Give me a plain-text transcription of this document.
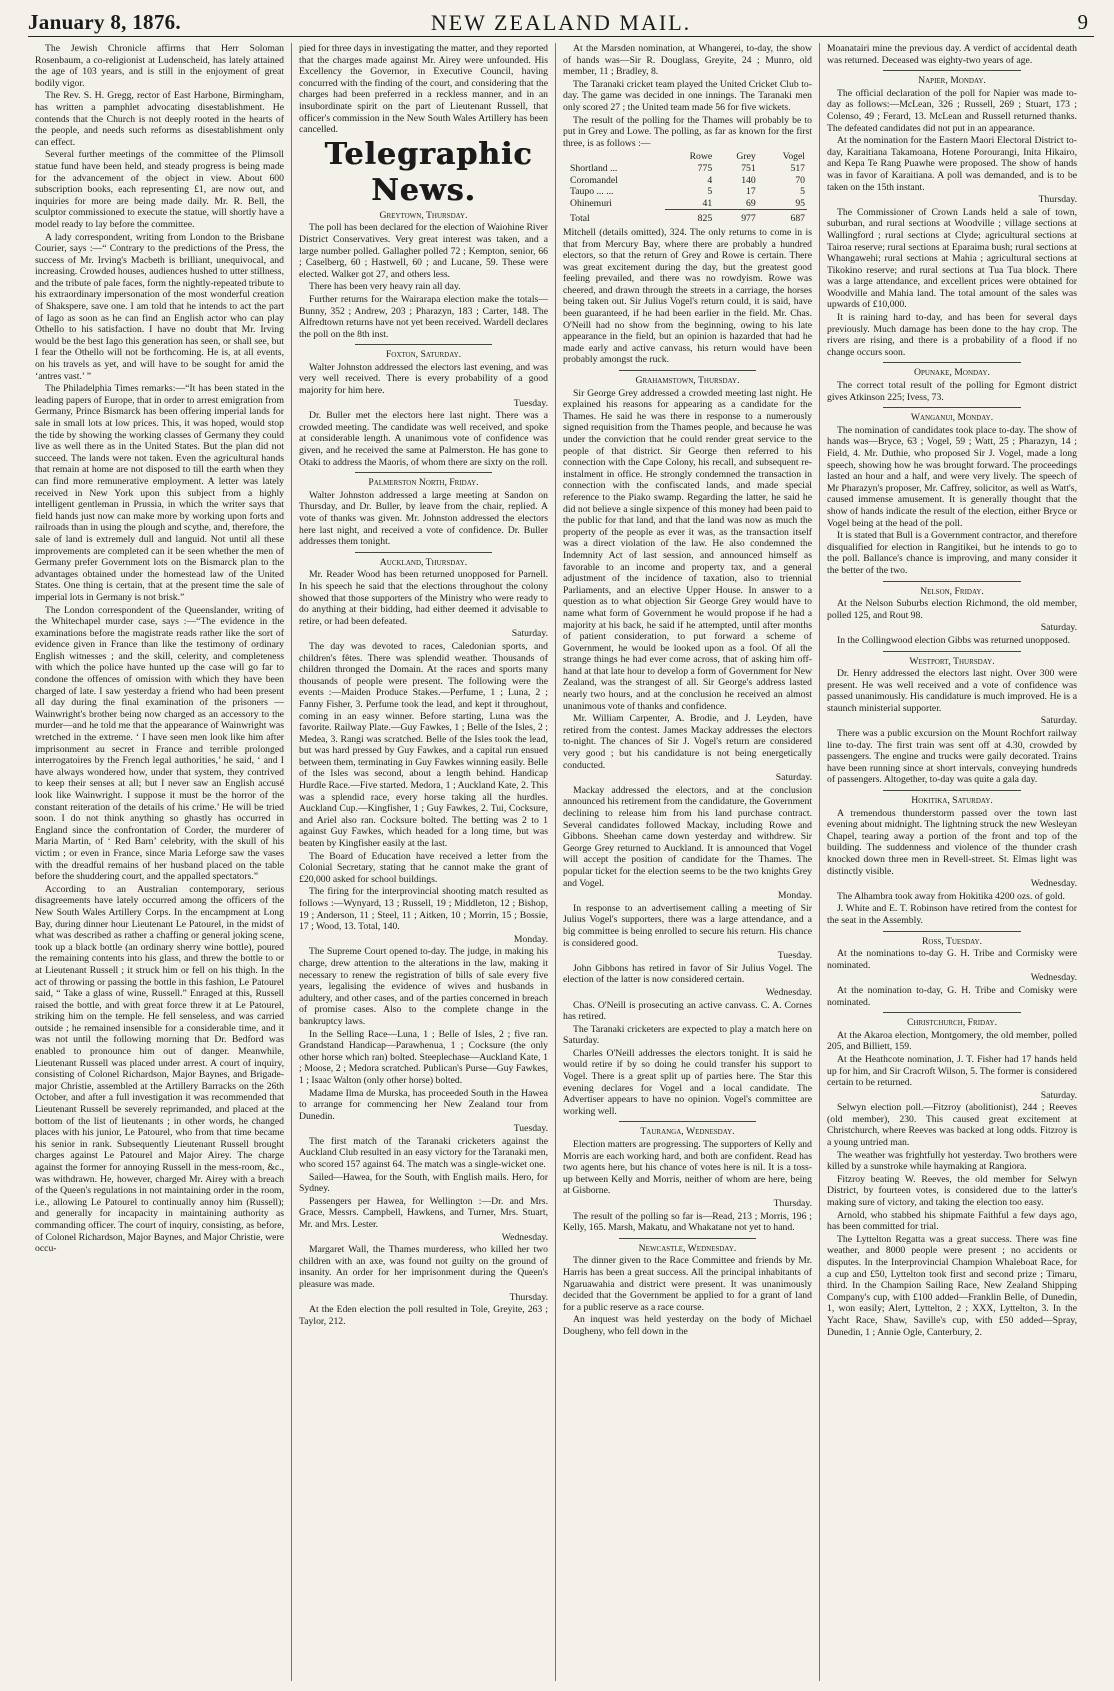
January 8, 1876.	NEW ZEALAND MAIL.	9

The Jewish Chronicle affirms that Herr Soloman Rosenbaum, a co-religionist at Ludenscheid, has lately attained the age of 103 years, and is still in the enjoyment of great bodily vigor.

The Rev. S. H. Gregg, rector of East Harbone, Birmingham, has written a pamphlet advocating disestablishment. He contends that the Church is not deeply rooted in the hearts of the people, and needs such reforms as disestablishment only can effect.

Several further meetings of the committee of the Plimsoll statue fund have been held, and steady progress is being made for the advancement of the object in view. About 600 subscription books, each representing £1, are now out, and inquiries for more are being made daily. Mr. R. Bell, the sculptor commissioned to execute the statue, will shortly have a model ready to lay before the committee.

A lady correspondent, writing from London to the Brisbane Courier, says :—“ Contrary to the predictions of the Press, the success of Mr. Irving's Macbeth is brilliant, unequivocal, and increasing. Crowded houses, audiences hushed to utter stillness, and the tribute of pale faces, form the nightly-repeated tribute to his extraordinary impersonation of the most wonderful creation of Shakspere, save one. I am told that he intends to act the part of Iago as soon as he can find an English actor who can play Othello to his satisfaction. I have no doubt that Mr. Irving would be the best Iago this generation has seen, or shall see, but I fear the Othello will not be forthcoming. He is, at all events, on his travels as yet, and will have to be sought for amid the ‘antres vast.’ ”

The Philadelphia Times remarks:—“It has been stated in the leading papers of Europe, that in order to arrest emigration from Germany, Prince Bismarck has been offering imperial lands for sale in small lots at low prices. This, it was hoped, would stop the tide by showing the working classes of Germany they could live as well there as in the United States. But the plan did not succeed. The lands were not taken. Even the agricultural hands that remain at home are not disposed to till the earth when they can find more remunerative employment. A letter was lately received in New York upon this subject from a highly intelligent gentleman in Prussia, in which the writer says that field hands just now can make more by working upon forts and railroads than in using the plough and scythe, and, therefore, the sale of land is extremely dull and languid. Not until all these improvements are completed can it be seen whether the men of Germany prefer Government lots on the Bismarck plan to the advantages obtained under the homestead law of the United States. One thing is certain, that at the present time the sale of imperial lots in Germany is not brisk.”

The London correspondent of the Queenslander, writing of the Whitechapel murder case, says :—“The evidence in the examinations before the magistrate reads rather like the sort of evidence given in France than like the testimony of ordinary English witnesses ; and the skill, celerity, and completeness with which the police have hunted up the case will go far to condone the offences of omission with which they have been charged of late. I saw yesterday a friend who had been present all day during the final examination of the prisoners — Wainwright's brother being now charged as an accessory to the murder—and he told me that the appearance of Wainwright was wretched in the extreme. ‘ I have seen men look like him after imprisonment au secret in France and terrible prolonged interrogatoires by the French legal authorities,’ he said, ‘ and I have always wondered how, under that system, they contrived to keep their senses at all; but I never saw an English accusé look like Wainwright. I suppose it must be the horror of the constant reiteration of the details of his crime.’ He will be tried soon. I do not think anything so ghastly has occurred in England since the confrontation of Corder, the murderer of Maria Martin, of ‘ Red Barn’ celebrity, with the skull of his victim ; or even in France, since Maria Leforge saw the vases with the dreadful remains of her husband placed on the table before the shuddering court, and the appalled spectators.”

According to an Australian contemporary, serious disagreements have lately occurred among the officers of the New South Wales Artillery Corps. In the encampment at Long Bay, during dinner hour Lieutenant Le Patourel, in the midst of what was described as rather a chaffing or general joking scene, took up a black bottle (an ordinary sherry wine bottle), poured the remaining contents into his glass, and threw the bottle to or at Lieutenant Russell ; it struck him or fell on his thigh. In the act of throwing or passing the bottle in this fashion, Le Patourel said, “ Take a glass of wine, Russell.” Enraged at this, Russell raised the bottle, and with great force threw it at Le Patourel, striking him on the temple. He fell senseless, and was carried outside ; he remained insensible for a considerable time, and it was not until the following morning that Dr. Bedford was enabled to pronounce him out of danger. Meanwhile, Lieutenant Russell was placed under arrest. A court of inquiry, consisting of Colonel Richardson, Major Baynes, and Brigade-major Christie, assembled at the Artillery Barracks on the 26th October, and after a full investigation it was recommended that Lieutenant Russell be severely reprimanded, and placed at the bottom of the list of lieutenants ; in other words, he changed places with his junior, Le Patourel, who from that time became his senior in rank. Subsequently Lieutenant Russell brought charges against Le Patourel and Major Airey. The charge against the former for annoying Russell in the mess-room, &c., was withdrawn. He, however, charged Mr. Airey with a breach of the Queen's regulations in not maintaining order in the room, i.e., allowing Le Patourel to continually annoy him (Russell); and generally for incapacity in maintaining authority as commanding officer. The court of inquiry, consisting, as before, of Colonel Richardson, Major Baynes, and Major Christie, were occu-

pied for three days in investigating the matter, and they reported that the charges made against Mr. Airey were unfounded. His Excellency the Governor, in Executive Council, having concurred with the finding of the court, and considering that the charges had been preferred in a reckless manner, and in an insubordinate spirit on the part of Lieutenant Russell, that officer's commission in the New South Wales Artillery has been cancelled.

Telegraphic News.

Greytown, Thursday.

The poll has been declared for the election of Waiohine River District Conservatives. Very great interest was taken, and a large number polled. Gallagher polled 72 ; Kempton, senior, 66 ; Caselberg, 60 ; Hastwell, 60 ; and Lucane, 59. These were elected. Walker got 27, and others less.

There has been very heavy rain all day.

Further returns for the Wairarapa election make the totals—Bunny, 352 ; Andrew, 203 ; Pharazyn, 183 ; Carter, 148. The Alfredtown returns have not yet been received. Wardell declares the poll on the 8th inst.

Foxton, Saturday.

Walter Johnston addressed the electors last evening, and was very well received. There is every probability of a good majority for him here.

Tuesday.

Dr. Buller met the electors here last night. There was a crowded meeting. The candidate was well received, and spoke at considerable length. A unanimous vote of confidence was given, and he received the same at Palmerston. He has gone to Otaki to address the Maoris, of whom there are sixty on the roll.

Palmerston North, Friday.

Walter Johnston addressed a large meeting at Sandon on Thursday, and Dr. Buller, by leave from the chair, replied. A vote of thanks was given. Mr. Johnston addressed the electors here last night, and received a vote of confidence. Dr. Buller addresses them tonight.

Auckland, Thursday.

Mr. Reader Wood has been returned unopposed for Parnell. In his speech he said that the elections throughout the colony showed that those supporters of the Ministry who were ready to do anything at their bidding, had either deemed it advisable to retire, or had been defeated.

Saturday.

The day was devoted to races, Caledonian sports, and children's fêtes. There was splendid weather. Thousands of children thronged the Domain. At the races and sports many thousands of people were present. The following were the events :—Maiden Produce Stakes.—Perfume, 1 ; Luna, 2 ; Fanny Fisher, 3. Perfume took the lead, and kept it throughout, coming in an easy winner. Before starting, Luna was the favorite. Railway Plate.—Guy Fawkes, 1 ; Belle of the Isles, 2 ; Medea, 3. Rangi was scratched. Belle of the Isles took the lead, but was hard pressed by Guy Fawkes, and a capital run ensued between them, terminating in Guy Fawkes winning easily. Belle of the Isles was second, about a length behind. Handicap Hurdle Race.—Five started. Medora, 1 ; Auckland Kate, 2. This was a splendid race, every horse taking all the hurdles. Auckland Cup.—Kingfisher, 1 ; Guy Fawkes, 2. Tui, Cocksure, and Ariel also ran. Cocksure bolted. The betting was 2 to 1 against Guy Fawkes, which headed for a long time, but was beaten by Kingfisher easily at the last.

The Board of Education have received a letter from the Colonial Secretary, stating that he cannot make the grant of £20,000 asked for school buildings.

The firing for the interprovincial shooting match resulted as follows :—Wynyard, 13 ; Russell, 19 ; Middleton, 12 ; Bishop, 19 ; Anderson, 11 ; Steel, 11 ; Aitken, 10 ; Morrin, 15 ; Bossie, 17 ; Wood, 13. Total, 140.

Monday.

The Supreme Court opened to-day. The judge, in making his charge, drew attention to the alterations in the law, making it necessary to renew the registration of bills of sale every five years, legalising the evidence of wives and husbands in adultery, and other cases, and of the parties concerned in breach of promise cases. Also to the complete change in the bankruptcy laws.

In the Selling Race—Luna, 1 ; Belle of Isles, 2 ; five ran. Grandstand Handicap—Parawhenua, 1 ; Cocksure (the only other horse which ran) bolted. Steeplechase—Auckland Kate, 1 ; Moose, 2 ; Medora scratched. Publican's Purse—Guy Fawkes, 1 ; Isaac Walton (only other horse) bolted.

Madame Ilma de Murska, has proceeded South in the Hawea to arrange for commencing her New Zealand tour from Dunedin.

Tuesday.

The first match of the Taranaki cricketers against the Auckland Club resulted in an easy victory for the Taranaki men, who scored 157 against 64. The match was a single-wicket one.

Sailed—Hawea, for the South, with English mails. Hero, for Sydney.

Passengers per Hawea, for Wellington :—Dr. and Mrs. Grace, Messrs. Campbell, Hawkens, and Turner, Mrs. Stuart, Mr. and Mrs. Lester.

Wednesday.

Margaret Wall, the Thames murderess, who killed her two children with an axe, was found not guilty on the ground of insanity. An order for her imprisonment during the Queen's pleasure was made.

Thursday.

At the Eden election the poll resulted in Tole, Greyite, 263 ; Taylor, 212.

At the Marsden nomination, at Whangerei, to-day, the show of hands was—Sir R. Douglass, Greyite, 24 ; Munro, old member, 11 ; Bradley, 8.

The Taranaki cricket team played the United Cricket Club to-day. The game was decided in one innings. The Taranaki men only scored 27 ; the United team made 56 for five wickets.

The result of the polling for the Thames will probably be to put in Grey and Lowe. The polling, as far as known for the first three, is as follows :—

	Rowe	Grey	Vogel
Shortland ...	775	751	517
Coromandel	4	140	70
Taupo ... ...	5	17	5
Ohinemuri	41	69	95
Total	825	977	687

Mitchell (details omitted), 324. The only returns to come in is that from Mercury Bay, where there are probably a hundred electors, so that the return of Grey and Rowe is certain. There was great excitement during the day, but the greatest good feeling prevailed, and there was no rowdyism. Rowe was cheered, and drawn through the streets in a carriage, the horses being taken out. Sir Julius Vogel's return could, it is said, have been guaranteed, if he had been earlier in the field. Mr. Chas. O'Neill had no show from the beginning, owing to his late appearance in the field, but an opinion is hazarded that had he made early and active canvass, his return would have been probably amongst the ruck.

Grahamstown, Thursday.

Sir George Grey addressed a crowded meeting last night. He explained his reasons for appearing as a candidate for the Thames. He said he was there in response to a numerously signed requisition from the Thames people, and because he was under the conviction that he could render great service to the people of that district. Sir George then referred to his connection with the Cape Colony, his recall, and subsequent re-instalment in office. He strongly condemned the transaction in connection with the confiscated lands, and made special reference to the Piako swamp. Regarding the latter, he said he did not believe a single sixpence of this money had been paid to the public for that land, and that the land was now as much the property of the people as ever it was, as the transaction itself was a direct violation of the law. He also condemned the Indemnity Act of last session, and announced himself as favorable to an income and property tax, and a general adjustment of the incidence of taxation, also to triennial Parliaments, and an elective Upper House. In answer to a question as to what objection Sir George Grey would have to name what form of Government he would propose if he had a majority at his back, he said if he attempted, until after months of patient consideration, to put forward a scheme of Government, he would be looked upon as a fool. Of all the strange things he had ever come across, that of asking him off-hand at that late hour to develop a form of Government for New Zealand, was the strangest of all. Sir George's address lasted nearly two hours, and at the conclusion he received an almost unanimous vote of thanks and confidence.

Mr. William Carpenter, A. Brodie, and J. Leyden, have retired from the contest. James Mackay addresses the electors to-night. The chances of Sir J. Vogel's return are considered very good ; but his candidature is not being energetically conducted.

Saturday.

Mackay addressed the electors, and at the conclusion announced his retirement from the candidature, the Government declining to release him from his land purchase contract. Several candidates followed Mackay, including Rowe and Gibbons. Sheehan came down yesterday and withdrew. Sir George Grey returned to Auckland. It is announced that Vogel will accept the position of candidate for the Thames. The popular ticket for the election seems to be the two knights Grey and Vogel.

Monday.

In response to an advertisement calling a meeting of Sir Julius Vogel's supporters, there was a large attendance, and a big committee is being enrolled to secure his return. His chance is considered good.

Tuesday.

John Gibbons has retired in favor of Sir Julius Vogel. The election of the latter is now considered certain.

Wednesday.

Chas. O'Neill is prosecuting an active canvass. C. A. Cornes has retired.

The Taranaki cricketers are expected to play a match here on Saturday.

Charles O'Neill addresses the electors tonight. It is said he would retire if by so doing he could transfer his support to Vogel. There is a great split up of parties here. The Star this evening declares for Vogel and a local candidate. The Advertiser appears to have no opinion. Vogel's committee are working well.

Tauranga, Wednesday.

Election matters are progressing. The supporters of Kelly and Morris are each working hard, and both are confident. Read has two agents here, but his chance of votes here is nil. It is a toss-up between Kelly and Morris, neither of whom are here, being at Gisborne.

Thursday.

The result of the polling so far is—Read, 213 ; Morris, 196 ; Kelly, 165. Marsh, Makatu, and Whakatane not yet to hand.

Newcastle, Wednesday.

The dinner given to the Race Committee and friends by Mr. Harris has been a great success. All the principal inhabitants of Ngaruawahia and district were present. It was unanimously decided that the Government be applied to for a grant of land for a public reserve as a race course.

An inquest was held yesterday on the body of Michael Dougheny, who fell down in the

Moanatairi mine the previous day. A verdict of accidental death was returned. Deceased was eighty-two years of age.

Napier, Monday.

The official declaration of the poll for Napier was made to-day as follows:—McLean, 326 ; Russell, 269 ; Stuart, 173 ; Colenso, 49 ; Ferard, 13. McLean and Russell returned thanks. The defeated candidates did not put in an appearance.

At the nomination for the Eastern Maori Electoral District to-day, Karaitiana Takamoana, Hotene Porourangi, Inita Hikairo, and Kepa Te Rang Puawhe were proposed. The show of hands was in favor of Karaitiana. A poll was demanded, and is to be taken on the 15th instant.

Thursday.

The Commissioner of Crown Lands held a sale of town, suburban, and rural sections at Woodville ; village sections at Wallingford ; rural sections at Clyde; agricultural sections at Tairoa reserve; rural sections at Eparaima bush; rural sections at Whangawehi; rural sections at Mahia ; agricultural sections at Tikokino reserve; and rural sections at Tua Tua block. There was a large attendance, and excellent prices were obtained for Woodville and Mahia land. The total amount of the sales was upwards of £10,000.

It is raining hard to-day, and has been for several days previously. Much damage has been done to the hay crop. The rivers are rising, and there is a probability of a flood if no change occurs soon.

Opunake, Monday.

The correct total result of the polling for Egmont district gives Atkinson 225; Ivess, 73.

Wanganui, Monday.

The nomination of candidates took place to-day. The show of hands was—Bryce, 63 ; Vogel, 59 ; Watt, 25 ; Pharazyn, 14 ; Field, 4. Mr. Duthie, who proposed Sir J. Vogel, made a long speech, showing how he was brought forward. The proceedings lasted an hour and a half, and were very lively. The speech of Mr Pharazyn's proposer, Mr. Caffrey, solicitor, as well as Watt's, caused immense amusement. It is generally thought that the show of hands indicate the result of the election, either Bryce or Vogel being at the head of the poll.

It is stated that Bull is a Government contractor, and therefore disqualified for election in Rangitikei, but he intends to go to the poll. Ballance's chance is improving, and many consider it the better of the two.

Nelson, Friday.

At the Nelson Suburbs election Richmond, the old member, polled 125, and Rout 98.

Saturday.

In the Collingwood election Gibbs was returned unopposed.

Westport, Thursday.

Dr. Henry addressed the electors last night. Over 300 were present. He was well received and a vote of confidence was passed unanimously. His candidature is much improved. He is a staunch ministerial supporter.

Saturday.

There was a public excursion on the Mount Rochfort railway line to-day. The first train was sent off at 4.30, crowded by passengers. The engine and trucks were gaily decorated. Trains have been running since at short intervals, conveying hundreds of passengers. Altogether, to-day was quite a gala day.

Hokitika, Saturday.

A tremendous thunderstorm passed over the town last evening about midnight. The lightning struck the new Wesleyan Chapel, tearing away a portion of the front and top of the building. The suddenness and violence of the thunder crash knocked down three men in Revell-street. St. Elmas light was distinctly visible.

Wednesday.

The Alhambra took away from Hokitika 4200 ozs. of gold.

J. White and E. T. Robinson have retired from the contest for the seat in the Assembly.

Ross, Tuesday.

At the nominations to-day G. H. Tribe and Cormisky were nominated.

Wednesday.

At the nomination to-day, G. H. Tribe and Comisky were nominated.

Christchurch, Friday.

At the Akaroa election, Montgomery, the old member, polled 205, and Billiett, 159.

At the Heathcote nomination, J. T. Fisher had 17 hands held up for him, and Sir Cracroft Wilson, 5. The former is considered certain to be returned.

Saturday.

Selwyn election poll.—Fitzroy (abolitionist), 244 ; Reeves (old member), 230. This caused great excitement at Christchurch, where Reeves was backed at long odds. Fitzroy is a young untried man.

The weather was frightfully hot yesterday. Two brothers were killed by a sunstroke while haymaking at Rangiora.

Fitzroy beating W. Reeves, the old member for Selwyn District, by fourteen votes, is considered due to the latter's making sure of victory, and taking the election too easy.

Arnold, who stabbed his shipmate Faithful a few days ago, has been committed for trial.

The Lyttelton Regatta was a great success. There was fine weather, and 8000 people were present ; no accidents or disputes. In the Interprovincial Champion Whaleboat Race, for a cup and £50, Lyttelton took first and second prize ; Timaru, third. In the Champion Sailing Race, New Zealand Shipping Company's cup, with £100 added—Franklin Belle, of Dunedin, 1, won easily; Alert, Lyttelton, 2 ; XXX, Lyttelton, 3. In the Yacht Race, Shaw, Saville's cup, with £50 added—Spray, Dunedin, 1 ; Annie Ogle, Canterbury, 2.
